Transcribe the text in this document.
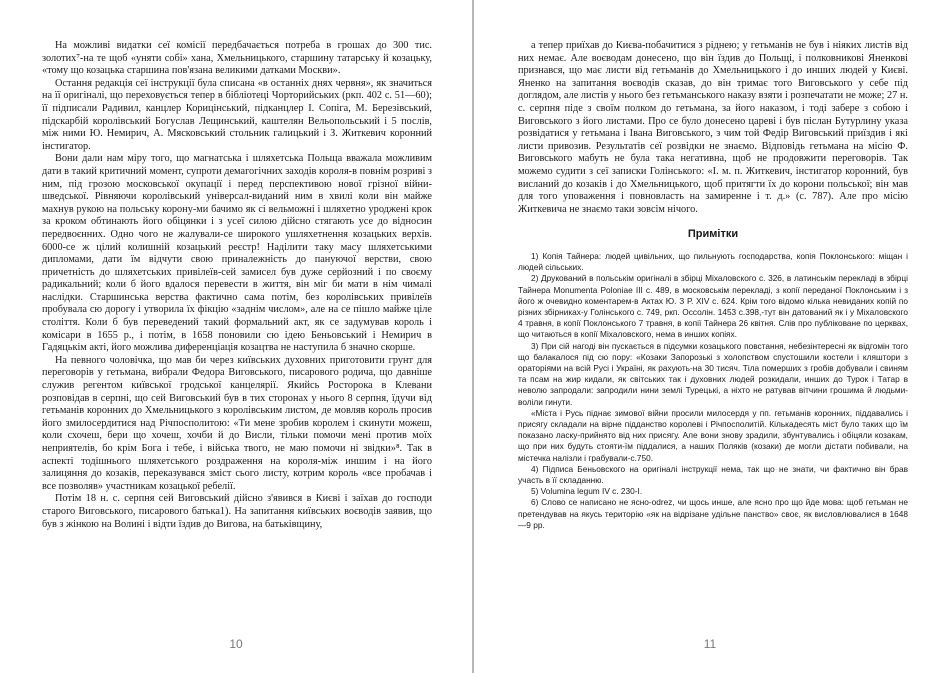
На можливі видатки сеї комісії передбачається потреба в грошах до 300 тис. золотих⁷-на те щоб «уняти собі» хана, Хмельницького, старшину татарську й козацьку, «тому що козацька старшина пов'язана великими датками Москви».

Остання редакція сеї інструкції була списана «в останніх днях червня», як значиться на її оригіналі, що переховується тепер в бібліотеці Чорторийських (ркп. 402 с. 51—60); її підписали Радивил, канцлер Корицінський, підканцлер І. Сопіга, М. Березівський, підскарбій королівський Богуслав Лещинський, каштелян Вельопольський і 5 послів, між ними Ю. Немирич, А. Мясковський стольник галицький і З. Житкевич коронний інстигатор.

Вони дали нам міру того, що магнатська і шляхетська Польща вважала можливим дати в такий критичний момент, супроти демагогічних заходів короля-в повнім розриві з ним, під грозою московської окупації і перед перспективою нової грізної війни-шведської. Рівняючи королівський універсал-виданий ним в хвилі коли він майже махнув рукою на польську корону-ми бачимо як сі вельможні і шляхетно уроджені крок за кроком обтинають його обіцянки і з усеї силою дійсно стягають усе до відносин передвоєнних. Одно чого не жалували-се широкого ушляхетнення козацьких верхів. 6000-се ж цілий колишній козацький реєстр! Наділити таку масу шляхетськими дипломами, дати їм відчути свою приналежність до пануючої верстви, свою причетність до шляхетських привілеїв-сей замисел був дуже серйозний і по своєму радикальний; коли б його вдалося перевести в життя, він міг би мати в нім чималі наслідки. Старшинська верства фактично сама потім, без королівських привілеїв пробувала сю дорогу і утворила їх фікцію «заднім числом», але на се пішло майже ціле століття. Коли б був переведений такий формальний акт, як се задумував король і комісари в 1655 р., і потім, в 1658 поновили сю ідею Беньовський і Немирич в Гадяцькім акті, його можлива диференціація козацтва не наступила б значно скорше.

На певного чоловічка, що мав би через київських духовних приготовити грунт для переговорів у гетьмана, вибрали Федора Виговського, писарового родича, що давніше служив регентом київської гродської канцелярії. Якийсь Росторока в Клевани розповідав в серпні, що сей Виговський був в тих сторонах у нього 8 серпня, їдучи від гетьманів коронних до Хмельницького з королівським листом, де мовляв король просив його змилосердитися над Річпосполитою: «Ти мене зробив королем і скинути можеш, коли схочеш, бери що хочеш, хочби й до Висли, тільки помочи мені против моїх неприятелів, бо крім Бога і тебе, і війська твого, не маю помочи ні звідки»⁸. Так в аспекті тодішнього шляхетського роздраження на короля-між иншим і на його залицяння до козаків, переказувався зміст сього листу, котрим король «все пробачав і все позволяв» участникам козацької ребелії.

Потім 18 н. с. серпня сей Виговський дійсно з'явився в Києві і заїхав до господи старого Виговського, писарового батька1). На запитання київських воєводів заявив, що був з жінкою на Волині і відти їздив до Вигова, на батьківщину,

10

а тепер приїхав до Києва-побачитися з ріднею; у гетьманів не був і ніяких листів від них немає. Але воєводам донесено, що він їздив до Польщі, і полковникові Яненкові признався, що має листи від гетьманів до Хмельницького і до инших людей у Києві. Яненко на запитання воєводів сказав, до він тримає того Виговського у себе під доглядом, але листів у нього без гетьманського наказу взяти і розпечатати не може; 27 н. с. серпня піде з своїм полком до гетьмана, за його наказом, і тоді забере з собою і Виговського з його листами. Про се було донесено цареві і був післан Бутурлину указа розвідатися у гетьмана і Івана Виговського, з чим той Федір Виговський приїздив і які листи привозив. Результатів сеї розвідки не знаємо. Відповідь гетьмана на місію Ф. Виговського мабуть не була така негативна, щоб не продовжити переговорів. Так можемо судити з сеї записки Голінського: «І. м. п. Житкевич, інстигатор коронний, був висланий до козаків і до Хмельницького, щоб притягти їх до корони польської; він мав для того уповаження і повновласть на замиренне і т. д.» (с. 787). Але про місію Житкевича не знаємо таки зовсім нічого.

Примітки

1) Копія Тайнера: людей цивільних, що пильнують господарства, копія Поклонського: міщан і людей сільських.

2) Друкований в польськім оригіналі в збірці Міхаловского с. 326, в латинськім перекладі в збірці Тайнера Monumenta Poloniae III с. 489, в московськім перекладі, з копії переданої Поклонським і з його ж очевидно коментарем-в Актах Ю. З Р. XIV с. 624. Крім того відомо кілька невиданих копій по різних збірниках-у Голінського с. 749, ркп. Оссолін. 1453 с.398,-тут він датований як і у Міхаловского 4 травня, в копії Поклонського 7 травня, в копії Тайнера 26 квітня. Слів про публіковане по церквах, що читаються в копії Міхаловского, нема в инших копіях.

3) При сій нагоді він пускається в підсумки козацького повстання, небезінтересні як відгомін того що балакалося під сю пору: «Козаки Запорозькі з холопством спустошили костели і кляштори з ораторіями на всій Русі і Україні, як рахують-на 30 тисяч. Тіла померших з гробів добували і свиням та псам на жир кидали, як світських так і духовних людей розкидали, инших до Турок і Татар в неволю запродали: запродили нини землі Турецькі, а ніхто не ратував вітчини грошима й людьми-воліли гинути.

«Міста і Русь піднає зимової війни просили милосердя у пп. гетьманів коронних, піддавались і присягу складали на вірне підданство королеві і Річпосполитій. Кількадесять міст було таких що їм показано ласку-прийнято від них присягу. Але вони знову зрадили, збунтувались і обіцяли козакам, що при них будуть стояти-їм піддалися, а наших Поляків (козаки) де могли дістати побивали, на містечка налізли і грабували-с.750.

4) Підписа Беньовского на оригіналі інструкції нема, так що не знати, чи фактично він брав участь в її складанню.

5) Volumina legum IV с. 230-І.

6) Слово се написано не ясно-odrez, чи щось инше, але ясно про що йде мова: щоб гетьман не претендував на якусь територію «як на відрізане удільне панство» своє, як висловлювалися в 1648—9 рр.

11
